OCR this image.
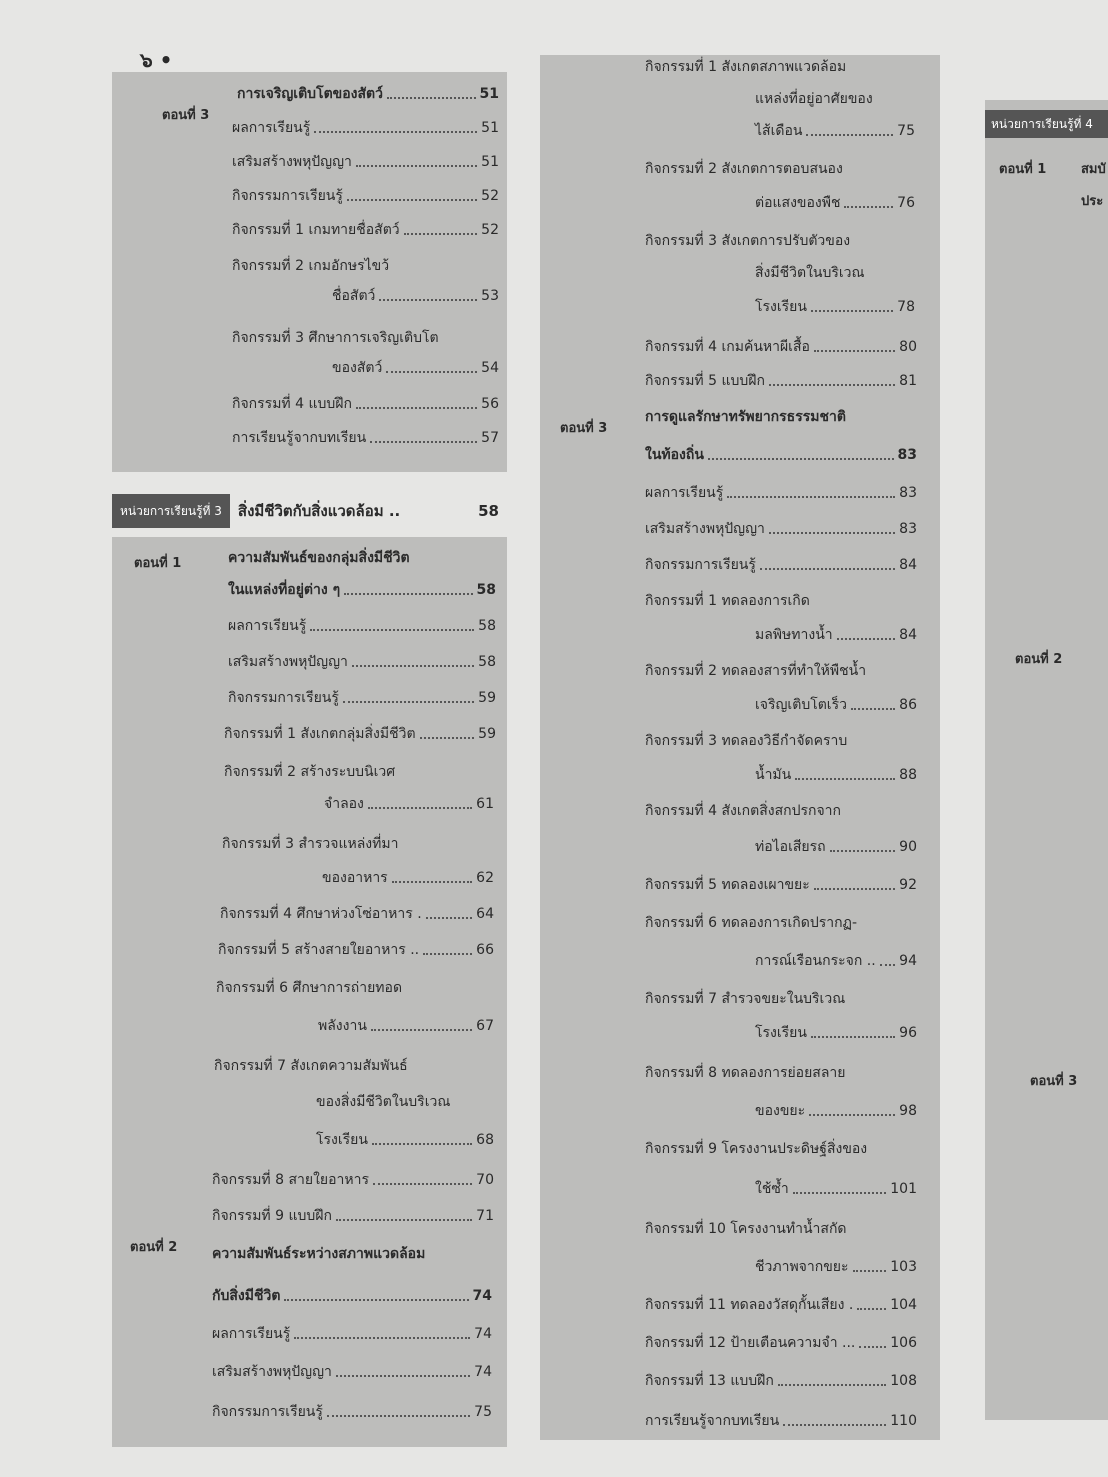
๖ •
ตอนที่ 3
การเจริญเติบโตของสัตว์	51
ผลการเรียนรู้	51
เสริมสร้างพหุปัญญา	51
กิจกรรมการเรียนรู้	52
กิจกรรมที่ 1 เกมทายชื่อสัตว์	52
กิจกรรมที่ 2 เกมอักษรไขว้
ชื่อสัตว์	53
กิจกรรมที่ 3 ศึกษาการเจริญเติบโต
ของสัตว์	54
กิจกรรมที่ 4 แบบฝึก	56
การเรียนรู้จากบทเรียน	57
หน่วยการเรียนรู้ที่ 3	สิ่งมีชีวิตกับสิ่งแวดล้อม ..	58
ตอนที่ 1	ความสัมพันธ์ของกลุ่มสิ่งมีชีวิต
ในแหล่งที่อยู่ต่าง ๆ	58
ผลการเรียนรู้	58
เสริมสร้างพหุปัญญา	58
กิจกรรมการเรียนรู้	59
กิจกรรมที่ 1 สังเกตกลุ่มสิ่งมีชีวิต	59
กิจกรรมที่ 2 สร้างระบบนิเวศ
จำลอง	61
กิจกรรมที่ 3 สำรวจแหล่งที่มา
ของอาหาร	62
กิจกรรมที่ 4 ศึกษาห่วงโซ่อาหาร .	64
กิจกรรมที่ 5 สร้างสายใยอาหาร ..	66
กิจกรรมที่ 6 ศึกษาการถ่ายทอด
พลังงาน	67
กิจกรรมที่ 7 สังเกตความสัมพันธ์
ของสิ่งมีชีวิตในบริเวณ
โรงเรียน	68
กิจกรรมที่ 8 สายใยอาหาร	70
กิจกรรมที่ 9 แบบฝึก	71
ตอนที่ 2 ความสัมพันธ์ระหว่างสภาพแวดล้อม
กับสิ่งมีชีวิต	74
ผลการเรียนรู้	74
เสริมสร้างพหุปัญญา	74
กิจกรรมการเรียนรู้	75
กิจกรรมที่ 1 สังเกตสภาพแวดล้อม
แหล่งที่อยู่อาศัยของ
ไส้เดือน	75
กิจกรรมที่ 2 สังเกตการตอบสนอง
ต่อแสงของพืช	76
กิจกรรมที่ 3 สังเกตการปรับตัวของ
สิ่งมีชีวิตในบริเวณ
โรงเรียน	78
กิจกรรมที่ 4 เกมค้นหาผีเสื้อ	80
กิจกรรมที่ 5 แบบฝึก	81
ตอนที่ 3
การดูแลรักษาทรัพยากรธรรมชาติ
ในท้องถิ่น	83
ผลการเรียนรู้	83
เสริมสร้างพหุปัญญา	83
กิจกรรมการเรียนรู้	84
กิจกรรมที่ 1 ทดลองการเกิด
มลพิษทางน้ำ	84
กิจกรรมที่ 2 ทดลองสารที่ทำให้พืชน้ำ
เจริญเติบโตเร็ว	86
กิจกรรมที่ 3 ทดลองวิธีกำจัดคราบ
น้ำมัน	88
กิจกรรมที่ 4 สังเกตสิ่งสกปรกจาก
ท่อไอเสียรถ	90
กิจกรรมที่ 5 ทดลองเผาขยะ	92
กิจกรรมที่ 6 ทดลองการเกิดปรากฏ-
การณ์เรือนกระจก .. 94
กิจกรรมที่ 7 สำรวจขยะในบริเวณ
โรงเรียน	96
กิจกรรมที่ 8 ทดลองการย่อยสลาย
ของขยะ	98
กิจกรรมที่ 9 โครงงานประดิษฐ์สิ่งของ
ใช้ซ้ำ	101
กิจกรรมที่ 10 โครงงานทำน้ำสกัด
ชีวภาพจากขยะ	103
กิจกรรมที่ 11 ทดลองวัสดุกั้นเสียง .	104
กิจกรรมที่ 12 ป้ายเตือนความจำ ... 106
กิจกรรมที่ 13 แบบฝึก	108
การเรียนรู้จากบทเรียน	110
หน่วยการเรียนรู้ที่ 4
ตอนที่ 1	สมบั
ประ
ตอนที่ 2
ตอนที่ 3
